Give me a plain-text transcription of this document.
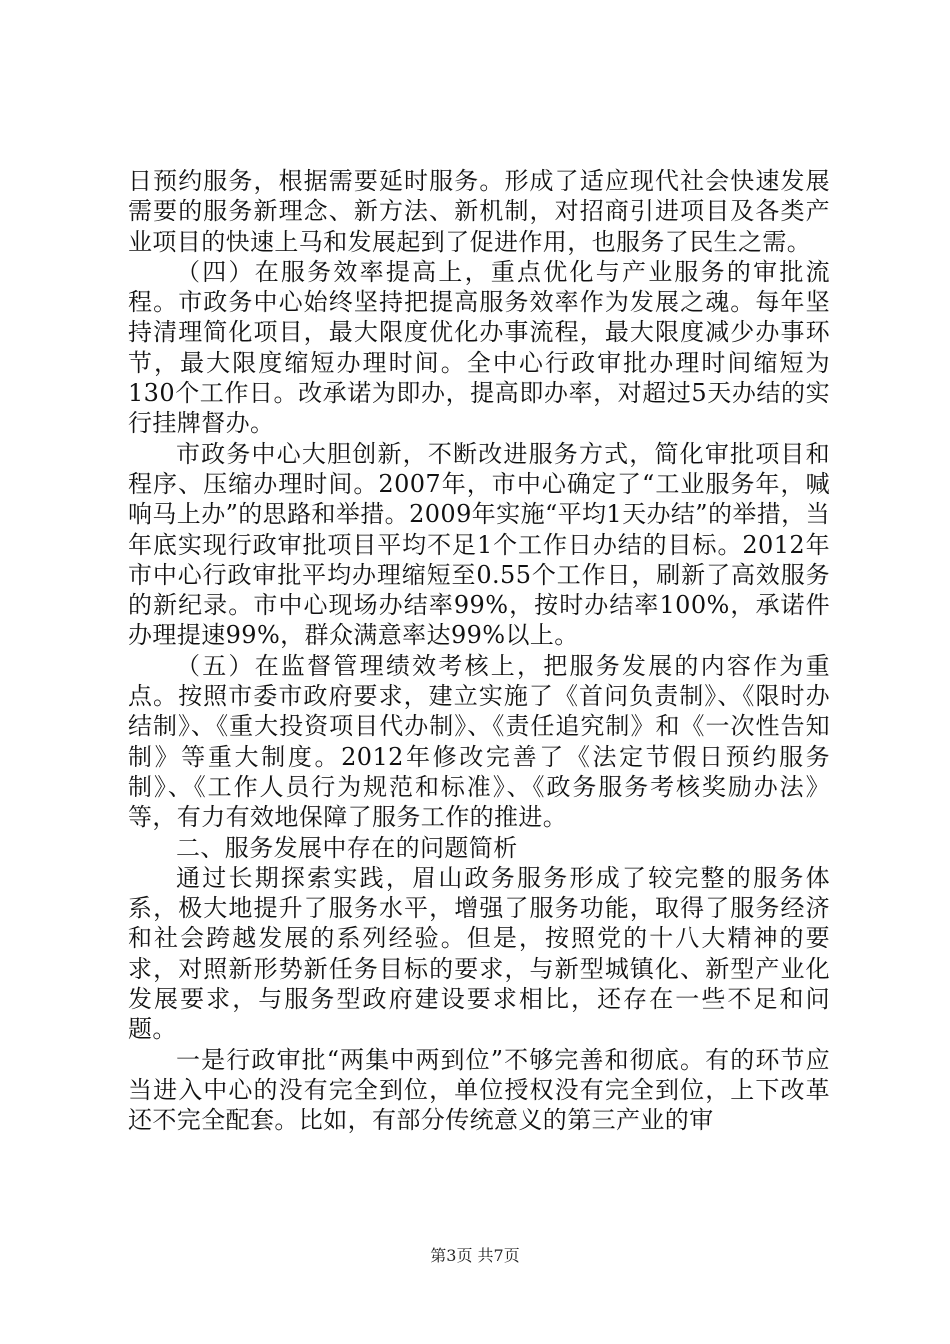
日预约服务，根据需要延时服务。形成了适应现代社会快速发展需要的服务新理念、新方法、新机制，对招商引进项目及各类产业项目的快速上马和发展起到了促进作用，也服务了民生之需。

（四）在服务效率提高上，重点优化与产业服务的审批流程。市政务中心始终坚持把提高服务效率作为发展之魂。每年坚持清理简化项目，最大限度优化办事流程，最大限度减少办事环节，最大限度缩短办理时间。全中心行政审批办理时间缩短为130个工作日。改承诺为即办，提高即办率，对超过5天办结的实行挂牌督办。

市政务中心大胆创新，不断改进服务方式，简化审批项目和程序、压缩办理时间。2007年，市中心确定了“工业服务年，喊响马上办”的思路和举措。2009年实施“平均1天办结”的举措，当年底实现行政审批项目平均不足1个工作日办结的目标。2012年市中心行政审批平均办理缩短至0.55个工作日，刷新了高效服务的新纪录。市中心现场办结率99%，按时办结率100%，承诺件办理提速99%，群众满意率达99%以上。

（五）在监督管理绩效考核上，把服务发展的内容作为重点。按照市委市政府要求，建立实施了《首问负责制》、《限时办结制》、《重大投资项目代办制》、《责任追究制》和《一次性告知制》等重大制度。2012年修改完善了《法定节假日预约服务制》、《工作人员行为规范和标准》、《政务服务考核奖励办法》等，有力有效地保障了服务工作的推进。

二、服务发展中存在的问题简析

通过长期探索实践，眉山政务服务形成了较完整的服务体系，极大地提升了服务水平，增强了服务功能，取得了服务经济和社会跨越发展的系列经验。但是，按照党的十八大精神的要求，对照新形势新任务目标的要求，与新型城镇化、新型产业化发展要求，与服务型政府建设要求相比，还存在一些不足和问题。

一是行政审批“两集中两到位”不够完善和彻底。有的环节应当进入中心的没有完全到位，单位授权没有完全到位，上下改革还不完全配套。比如，有部分传统意义的第三产业的审

第3页 共7页
